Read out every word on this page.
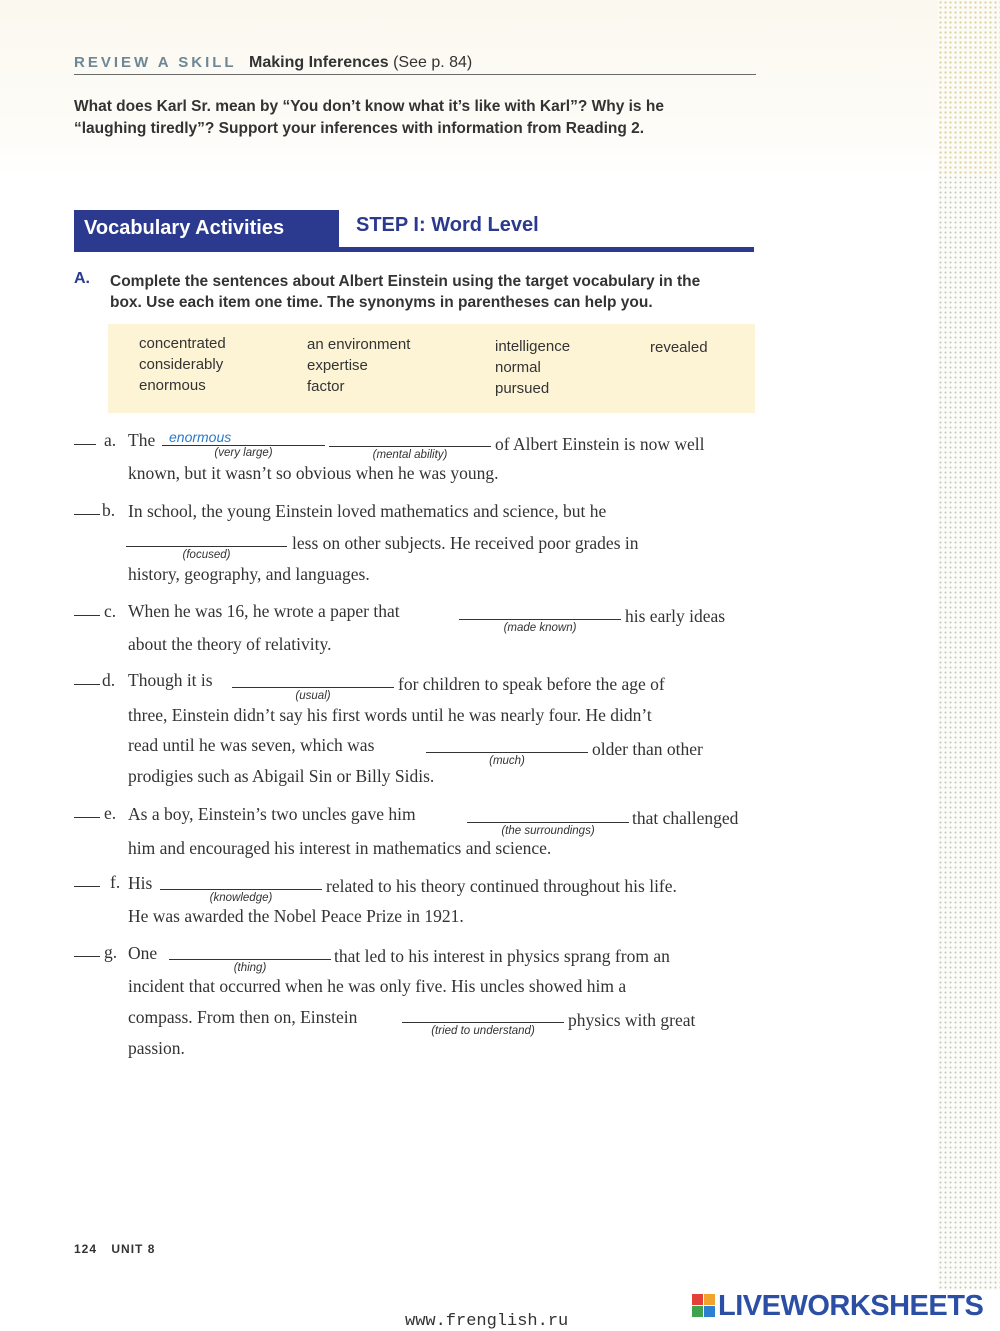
REVIEW A SKILL Making Inferences (See p. 84)
What does Karl Sr. mean by “You don’t know what it’s like with Karl”? Why is he
“laughing tiredly”? Support your inferences with information from Reading 2.
Vocabulary Activities	STEP I: Word Level
A. Complete the sentences about Albert Einstein using the target vocabulary in the
box. Use each item one time. The synonyms in parentheses can help you.
concentrated
considerably
enormous
an environment
expertise
factor
intelligence
normal
pursued
revealed
a. The enormous
(very large)	(mental ability)
of Albert Einstein is now well
known, but it wasn’t so obvious when he was young.
b. In school, the young Einstein loved mathematics and science, but he
(focused)
less on other subjects. He received poor grades in
history, geography, and languages.
c. When he was 16, he wrote a paper that
(made known)
his early ideas
about the theory of relativity.
d. Though it is
(usual)
for children to speak before the age of
three, Einstein didn’t say his first words until he was nearly four. He didn’t
read until he was seven, which was
(much)
older than other
prodigies such as Abigail Sin or Billy Sidis.
e. As a boy, Einstein’s two uncles gave him
(the surroundings)
that challenged
him and encouraged his interest in mathematics and science.
f. His
(knowledge)
related to his theory continued throughout his life.
He was awarded the Nobel Peace Prize in 1921.
g. One
(thing)
that led to his interest in physics sprang from an
incident that occurred when he was only five. His uncles showed him a
compass. From then on, Einstein
(tried to understand)
physics with great
passion.
124 UNIT 8
www.frenglish.ru	LIVEWORKSHEETS
